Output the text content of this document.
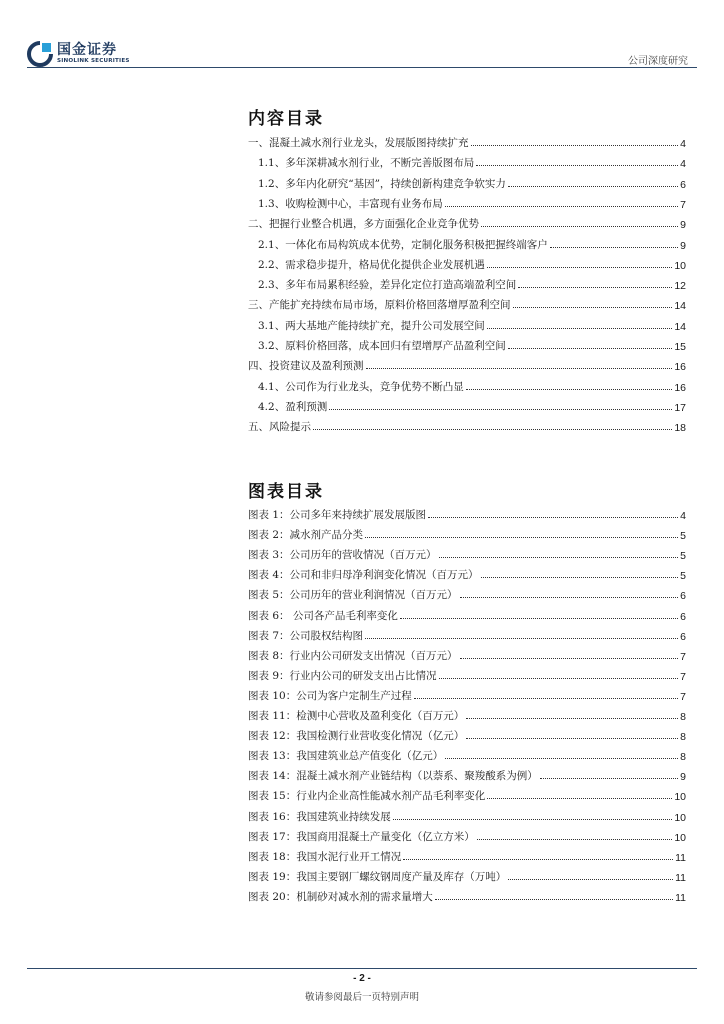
国金证券
SINOLINK SECURITIES	公司深度研究
内容目录
一、混凝土减水剂行业龙头，发展版图持续扩充	4
1.1、多年深耕减水剂行业，不断完善版图布局	4
1.2、多年内化研究“基因”，持续创新构建竞争软实力	6
1.3、收购检测中心，丰富现有业务布局	7
二、把握行业整合机遇，多方面强化企业竞争优势	9
2.1、一体化布局构筑成本优势，定制化服务积极把握终端客户	9
2.2、需求稳步提升，格局优化提供企业发展机遇	10
2.3、多年布局累积经验，差异化定位打造高端盈利空间	12
三、产能扩充持续布局市场，原料价格回落增厚盈利空间	14
3.1、两大基地产能持续扩充，提升公司发展空间	14
3.2、原料价格回落，成本回归有望增厚产品盈利空间	15
四、投资建议及盈利预测	16
4.1、公司作为行业龙头，竞争优势不断凸显	16
4.2、盈利预测	17
五、风险提示	18
图表目录
图表 1：公司多年来持续扩展发展版图	4
图表 2：减水剂产品分类	5
图表 3：公司历年的营收情况（百万元）	5
图表 4：公司和非归母净利润变化情况（百万元）	5
图表 5：公司历年的营业利润情况（百万元）	6
图表 6： 公司各产品毛利率变化	6
图表 7：公司股权结构图	6
图表 8：行业内公司研发支出情况（百万元）	7
图表 9：行业内公司的研发支出占比情况	7
图表 10：公司为客户定制生产过程	7
图表 11：检测中心营收及盈利变化（百万元）	8
图表 12：我国检测行业营收变化情况（亿元）	8
图表 13：我国建筑业总产值变化（亿元）	8
图表 14：混凝土减水剂产业链结构（以萘系、聚羧酸系为例）	9
图表 15：行业内企业高性能减水剂产品毛利率变化	10
图表 16：我国建筑业持续发展	10
图表 17：我国商用混凝土产量变化（亿立方米）	10
图表 18：我国水泥行业开工情况	11
图表 19：我国主要钢厂螺纹钢周度产量及库存（万吨）	11
图表 20：机制砂对减水剂的需求量增大	11
- 2 -
敬请参阅最后一页特别声明
